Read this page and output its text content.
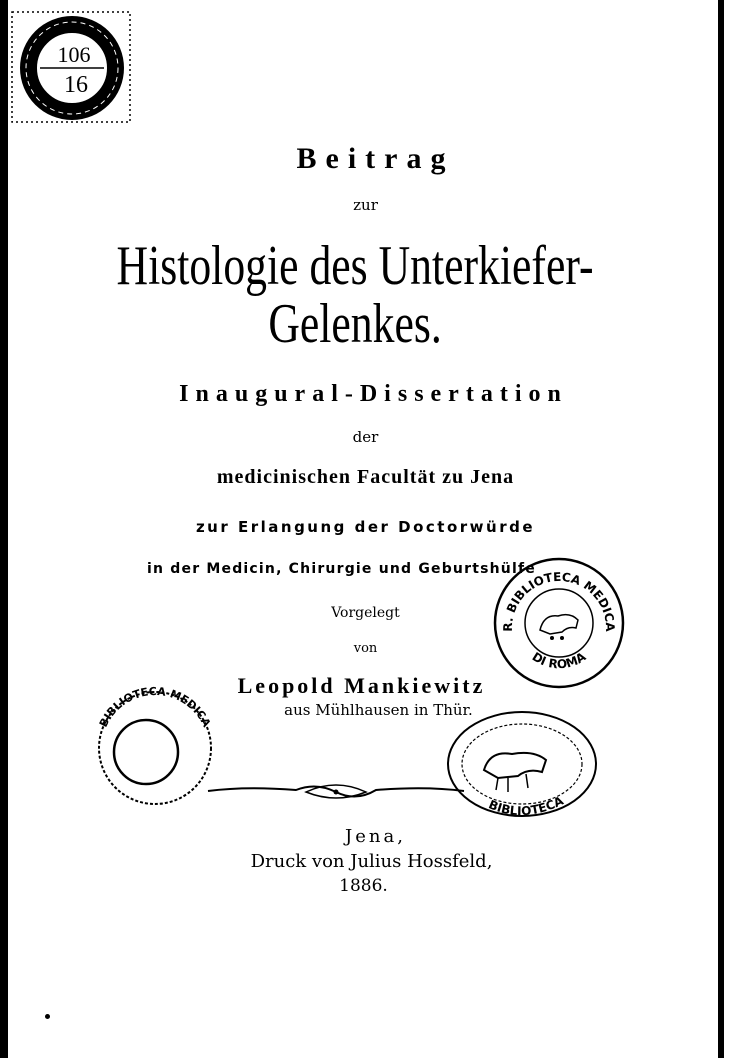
106
16
Beitrag
zur
Histologie des Unterkiefer-
Gelenkes.
Inaugural-Dissertation
der
medicinischen Facultät zu Jena
zur Erlangung der Doctorwürde
in der Medicin, Chirurgie und Geburtshülfe
Vorgelegt
von
Leopold Mankiewitz
aus Mühlhausen in Thür.
R. BIBLIOTECA MEDICA
DI ROMA
BIBLIOTECA MEDICA
BIBLIOTECA
Jena,
Druck von Julius Hossfeld,
1886.
